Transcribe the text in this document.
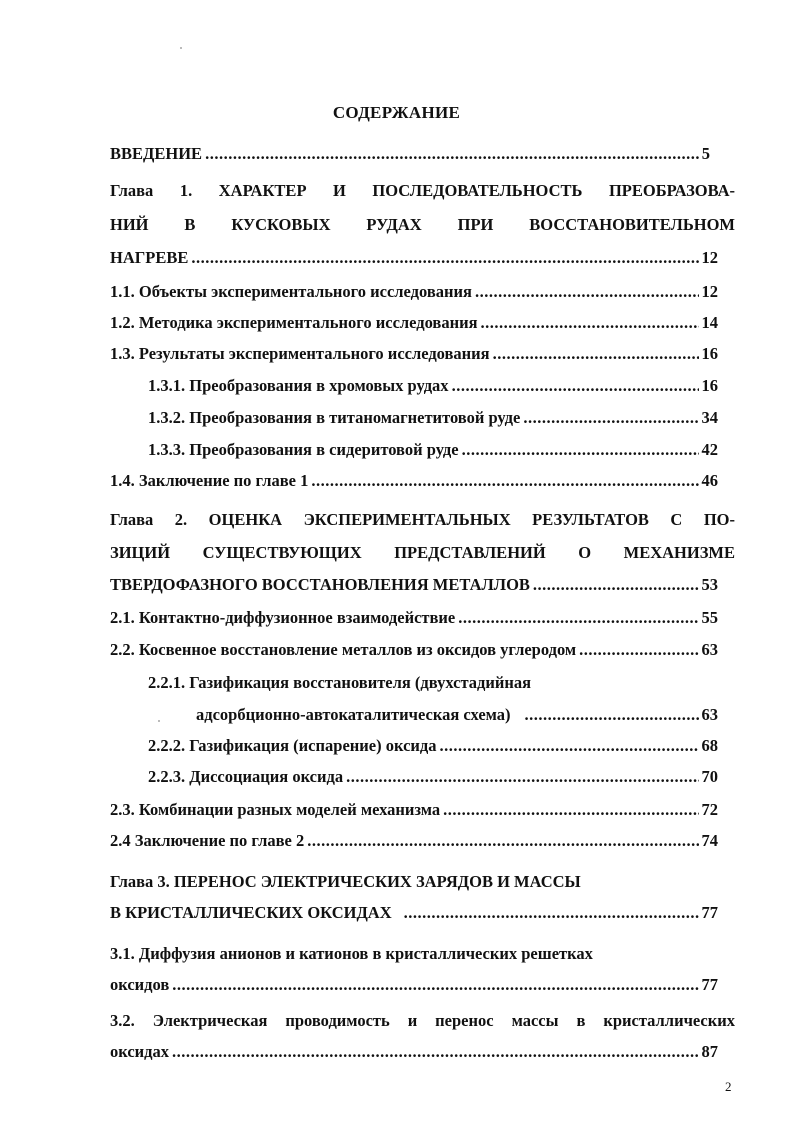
СОДЕРЖАНИЕ
ВВЕДЕНИЕ .....	5
Глава 1. ХАРАКТЕР И ПОСЛЕДОВАТЕЛЬНОСТЬ ПРЕОБРАЗОВА-
НИЙ В КУСКОВЫХ РУДАХ ПРИ ВОССТАНОВИТЕЛЬНОМ
НАГРЕВЕ .....	12
1.1. Объекты экспериментального исследования .....	12
1.2. Методика экспериментального исследования .....	14
1.3. Результаты экспериментального исследования .....	16
1.3.1. Преобразования в хромовых рудах .....	16
1.3.2. Преобразования в титаномагнетитовой руде .....	34
1.3.3. Преобразования в сидеритовой руде .....	42
1.4. Заключение по главе 1 .....	46
Глава 2. ОЦЕНКА ЭКСПЕРИМЕНТАЛЬНЫХ РЕЗУЛЬТАТОВ С ПО-
ЗИЦИЙ СУЩЕСТВУЮЩИХ ПРЕДСТАВЛЕНИЙ О МЕХАНИЗМЕ
ТВЕРДОФАЗНОГО ВОССТАНОВЛЕНИЯ МЕТАЛЛОВ .....	53
2.1. Контактно-диффузионное взаимодействие .....	55
2.2. Косвенное восстановление металлов из оксидов углеродом .....	63
2.2.1. Газификация восстановителя (двухстадийная
адсорбционно-автокаталитическая схема) .....	63
2.2.2. Газификация (испарение) оксида .....	68
2.2.3. Диссоциация оксида .....	70
2.3. Комбинации разных моделей механизма .....	72
2.4 Заключение по главе 2 .....	74
Глава 3. ПЕРЕНОС ЭЛЕКТРИЧЕСКИХ ЗАРЯДОВ И МАССЫ
В КРИСТАЛЛИЧЕСКИХ ОКСИДАХ .....	77
3.1. Диффузия анионов и катионов в кристаллических решетках
оксидов .....	77
3.2. Электрическая проводимость и перенос массы в кристаллических
оксидах .....	87
2
